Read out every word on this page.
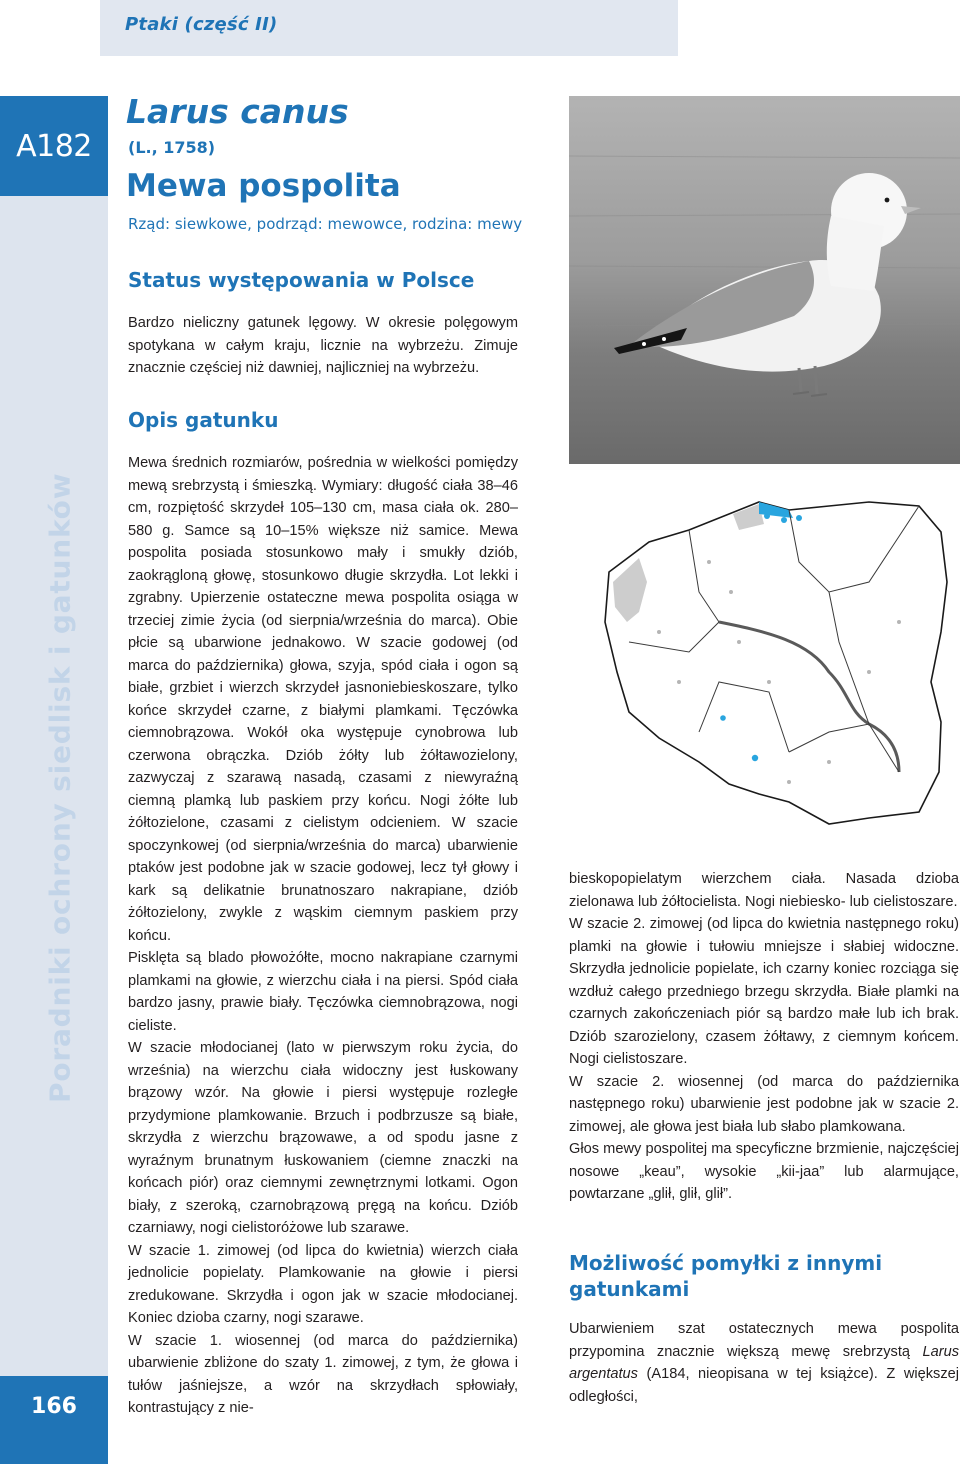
Ptaki (część II)
A182
Poradniki ochrony siedlisk i gatunków
166
Larus canus
(L., 1758)
Mewa pospolita
Rząd: siewkowe, podrząd: mewowce, rodzina: mewy
Status występowania w Polsce
Bardzo nieliczny gatunek lęgowy. W okresie polęgowym spotykana w całym kraju, licznie na wybrzeżu. Zimuje znacznie częściej niż dawniej, najliczniej na wybrzeżu.
Opis gatunku

Mewa średnich rozmiarów, pośrednia w wielkości pomiędzy mewą srebrzystą i śmieszką. Wymiary: długość ciała 38–46 cm, rozpiętość skrzydeł 105–130 cm, masa ciała ok. 280–580 g. Samce są 10–15% większe niż samice. Mewa pospolita posiada stosunkowo mały i smukły dziób, zaokrągloną głowę, stosunkowo długie skrzydła. Lot lekki i zgrabny. Upierzenie ostateczne mewa pospolita osiąga w trzeciej zimie życia (od sierpnia/września do marca). Obie płcie są ubarwione jednakowo. W szacie godowej (od marca do października) głowa, szyja, spód ciała i ogon są białe, grzbiet i wierzch skrzydeł jasnoniebieskoszare, tylko końce skrzydeł czarne, z białymi plamkami. Tęczówka ciemnobrązowa. Wokół oka występuje cynobrowa lub czerwona obrączka. Dziób żółty lub żółtawozielony, zazwyczaj z szarawą nasadą, czasami z niewyraźną ciemną plamką lub paskiem przy końcu. Nogi żółte lub żółtozielone, czasami z cielistym odcieniem. W szacie spoczynkowej (od sierpnia/września do marca) ubarwienie ptaków jest podobne jak w szacie godowej, lecz tył głowy i kark są delikatnie brunatnoszaro nakrapiane, dziób żółtozielony, zwykle z wąskim ciemnym paskiem przy końcu.

Pisklęta są blado płowożółte, mocno nakrapiane czarnymi plamkami na głowie, z wierzchu ciała i na piersi. Spód ciała bardzo jasny, prawie biały. Tęczówka ciemnobrązowa, nogi cieliste.

W szacie młodocianej (lato w pierwszym roku życia, do września) na wierzchu ciała widoczny jest łuskowany brązowy wzór. Na głowie i piersi występuje rozległe przydymione plamkowanie. Brzuch i podbrzusze są białe, skrzydła z wierzchu brązowawe, a od spodu jasne z wyraźnym brunatnym łuskowaniem (ciemne znaczki na końcach piór) oraz ciemnymi zewnętrznymi lotkami. Ogon biały, z szeroką, czarnobrązową pręgą na końcu. Dziób czarniawy, nogi cielistoróżowe lub szarawe.

W szacie 1. zimowej (od lipca do kwietnia) wierzch ciała jednolicie popielaty. Plamkowanie na głowie i piersi zredukowane. Skrzydła i ogon jak w szacie młodocianej. Koniec dzioba czarny, nogi szarawe.

W szacie 1. wiosennej (od marca do października) ubarwienie zbliżone do szaty 1. zimowej, z tym, że głowa i tułów jaśniejsze, a wzór na skrzydłach spłowiały, kontrastujący z nie-

bieskopopielatym wierzchem ciała. Nasada dzioba zielonawa lub żółtocielista. Nogi niebiesko- lub cielistoszare.

W szacie 2. zimowej (od lipca do kwietnia następnego roku) plamki na głowie i tułowiu mniejsze i słabiej widoczne. Skrzydła jednolicie popielate, ich czarny koniec rozciąga się wzdłuż całego przedniego brzegu skrzydła. Białe plamki na czarnych zakończeniach piór są bardzo małe lub ich brak. Dziób szarozielony, czasem żółtawy, z ciemnym końcem. Nogi cielistoszare.

W szacie 2. wiosennej (od marca do października następnego roku) ubarwienie jest podobne jak w szacie 2. zimowej, ale głowa jest biała lub słabo plamkowana.

Głos mewy pospolitej ma specyficzne brzmienie, najczęściej nosowe „keau”, wysokie „kii-jaa” lub alarmujące, powtarzane „glił, glił, glił”.

Możliwość pomyłki z innymi gatunkami
Ubarwieniem szat ostatecznych mewa pospolita przypomina znacznie większą mewę srebrzystą Larus argentatus (A184, nieopisana w tej książce). Z większej odległości,
